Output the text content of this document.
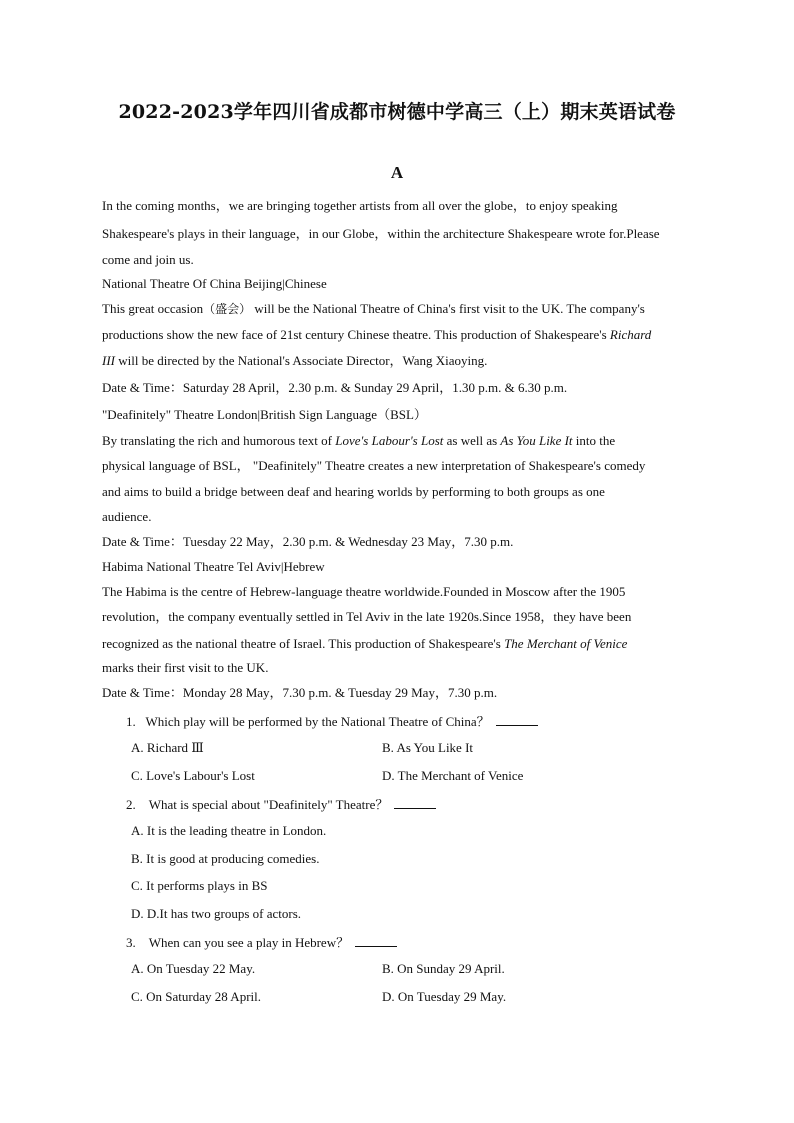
2022-2023学年四川省成都市树德中学高三（上）期末英语试卷
A
In the coming months，we are bringing together artists from all over the globe，to enjoy speaking
Shakespeare's plays in their language，in our Globe，within the architecture Shakespeare wrote for.Please
come and join us.
National Theatre Of China Beijing|Chinese
This great occasion（盛会） will be the National Theatre of China's first visit to the UK. The company's
productions show the new face of 21st century Chinese theatre. This production of Shakespeare's Richard
III will be directed by the National's Associate Director，Wang Xiaoying.
Date & Time：Saturday 28 April，2.30 p.m. & Sunday 29 April，1.30 p.m. & 6.30 p.m.
"Deafinitely" Theatre London|British Sign Language（BSL）
By translating the rich and humorous text of Love's Labour's Lost as well as As You Like It into the
physical language of BSL， "Deafinitely" Theatre creates a new interpretation of Shakespeare's comedy
and aims to build a bridge between deaf and hearing worlds by performing to both groups as one
audience.
Date & Time：Tuesday 22 May，2.30 p.m. & Wednesday 23 May，7.30 p.m.
Habima National Theatre Tel Aviv|Hebrew
The Habima is the centre of Hebrew-language theatre worldwide.Founded in Moscow after the 1905
revolution，the company eventually settled in Tel Aviv in the late 1920s.Since 1958，they have been
recognized as the national theatre of Israel. This production of Shakespeare's The Merchant of Venice
marks their first visit to the UK.
Date & Time：Monday 28 May，7.30 p.m. & Tuesday 29 May，7.30 p.m.
1. Which play will be performed by the National Theatre of China？
A. Richard Ⅲ	B. As You Like It
C. Love's Labour's Lost	D. The Merchant of Venice
2. What is special about "Deafinitely" Theatre？
A. It is the leading theatre in London.
B. It is good at producing comedies.
C. It performs plays in BS
D. D.It has two groups of actors.
3. When can you see a play in Hebrew？
A. On Tuesday 22 May.	B. On Sunday 29 April.
C. On Saturday 28 April.	D. On Tuesday 29 May.
